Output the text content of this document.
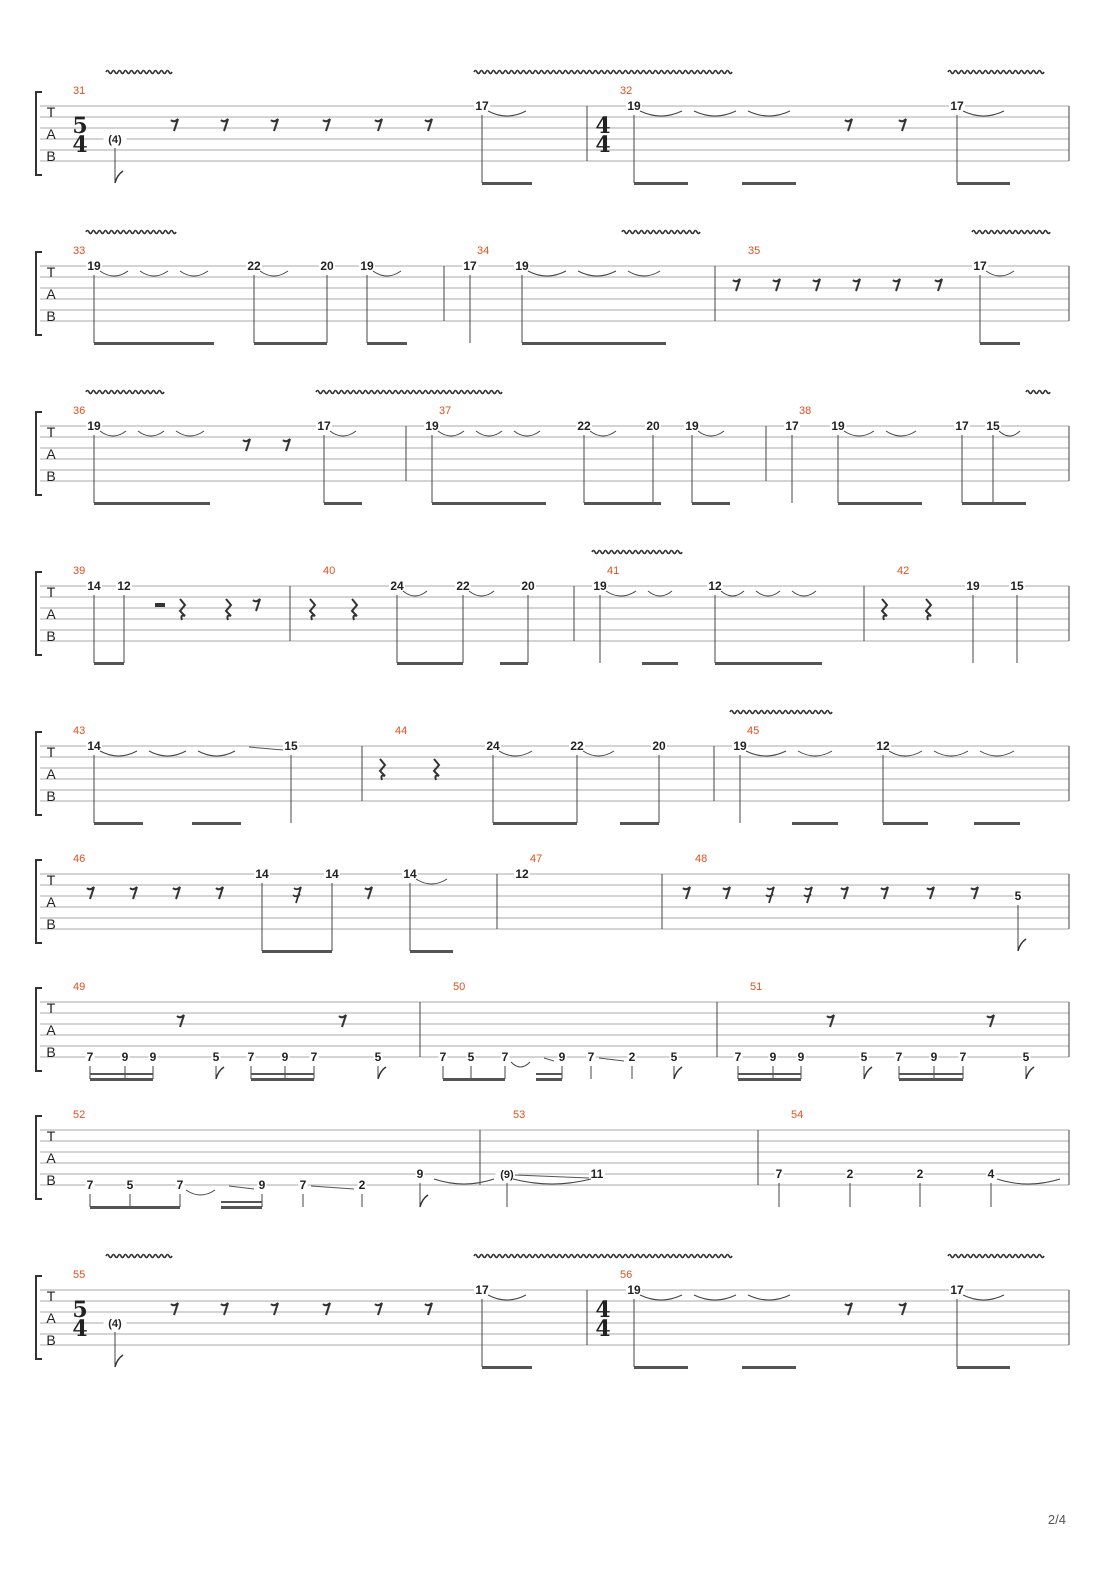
T
A
B
31
5
4 (4)
17
32
4
4
19	17
T
A
B
33
19	22	20 19
34
17	19
35
17
T
A
B
36
19	17
37
19	22	20 19
38
17	19	17 15
T
A
B
39
14 12
40
24	22	20
41
19	12
42
19	15
T
A
B
43
14	15
44
24	22	20
45
19	12
T
A
B
46
14	14	14
47
12
48
5
T
A
B
49
7 9 9	5 7 9 7	5
50
7 5 7	9 7	2	5
51
7 9 9	5 7 9 7	5
T
A
B
52
7	5	7	9	7	2
9
53
(9)	11
54
7	2	2	4
T
A
B
55
5
4 (4)
17
56
4
4
19	17
2/4
